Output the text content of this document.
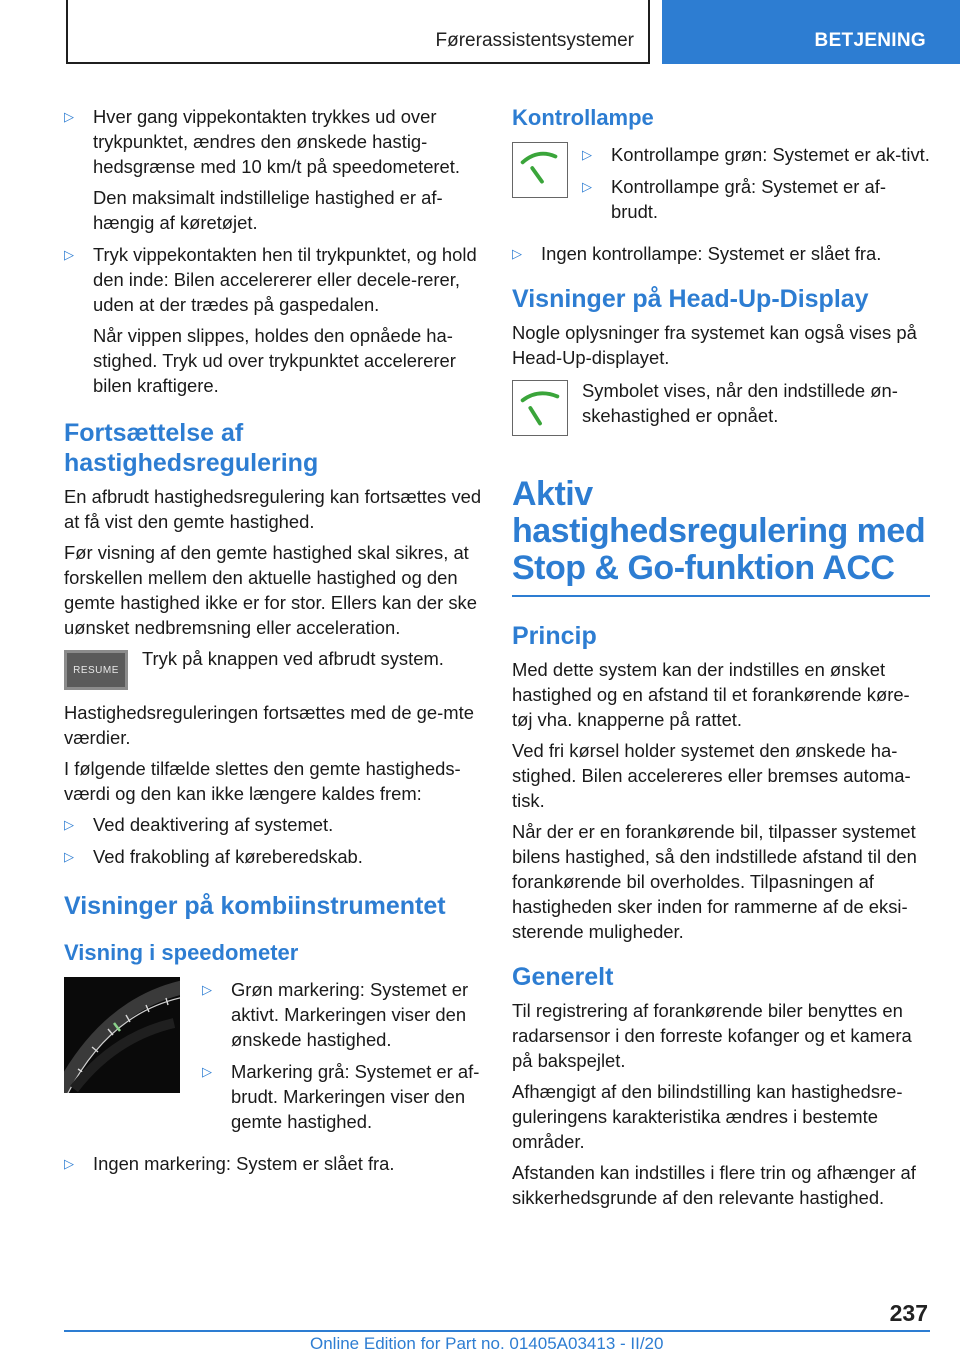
Førerassistentsystemer	BETJENING
▷	Hver gang vippekontakten trykkes ud over trykpunktet, ændres den ønskede hastig-hedsgrænse med 10 km/t på speedometeret.
Den maksimalt indstillelige hastighed er af-hængig af køretøjet.
▷	Tryk vippekontakten hen til trykpunktet, og hold den inde: Bilen accelererer eller decele-rerer, uden at der trædes på gaspedalen.
Når vippen slippes, holdes den opnåede ha-stighed. Tryk ud over trykpunktet accelererer bilen kraftigere.
Fortsættelse af hastighedsregulering

En afbrudt hastighedsregulering kan fortsættes ved at få vist den gemte hastighed.

Før visning af den gemte hastighed skal sikres, at forskellen mellem den aktuelle hastighed og den gemte hastighed ikke er for stor. Ellers kan der ske uønsket nedbremsning eller acceleration.

RESUME

Tryk på knappen ved afbrudt system.

Hastighedsreguleringen fortsættes med de ge-mte værdier.

I følgende tilfælde slettes den gemte hastigheds-værdi og den kan ikke længere kaldes frem:

▷	Ved deaktivering af systemet.
▷	Ved frakobling af køreberedskab.
Visninger på kombiinstrumentet
Visning i speedometer
▷	Grøn markering: Systemet er aktivt. Markeringen viser den ønskede hastighed.
▷	Markering grå: Systemet er af-brudt. Markeringen viser den gemte hastighed.
▷	Ingen markering: System er slået fra.
Kontrollampe
▷	Kontrollampe grøn: Systemet er ak-tivt.
▷	Kontrollampe grå: Systemet er af-brudt.
▷	Ingen kontrollampe: Systemet er slået fra.
Visninger på Head-Up-Display

Nogle oplysninger fra systemet kan også vises på Head-Up-displayet.

Symbolet vises, når den indstillede øn-skehastighed er opnået.

Aktiv hastighedsregulering med Stop & Go-funktion ACC
Princip

Med dette system kan der indstilles en ønsket hastighed og en afstand til et forankørende køre-tøj vha. knapperne på rattet.

Ved fri kørsel holder systemet den ønskede ha-stighed. Bilen accelereres eller bremses automa-tisk.

Når der er en forankørende bil, tilpasser systemet bilens hastighed, så den indstillede afstand til den forankørende bil overholdes. Tilpasningen af hastigheden sker inden for rammerne af de eksi-sterende muligheder.

Generelt

Til registrering af forankørende biler benyttes en radarsensor i den forreste kofanger og et kamera på bakspejlet.

Afhængigt af den bilindstilling kan hastighedsre-guleringens karakteristika ændres i bestemte områder.

Afstanden kan indstilles i flere trin og afhænger af sikkerhedsgrunde af den relevante hastighed.

237
Online Edition for Part no. 01405A03413 - II/20
